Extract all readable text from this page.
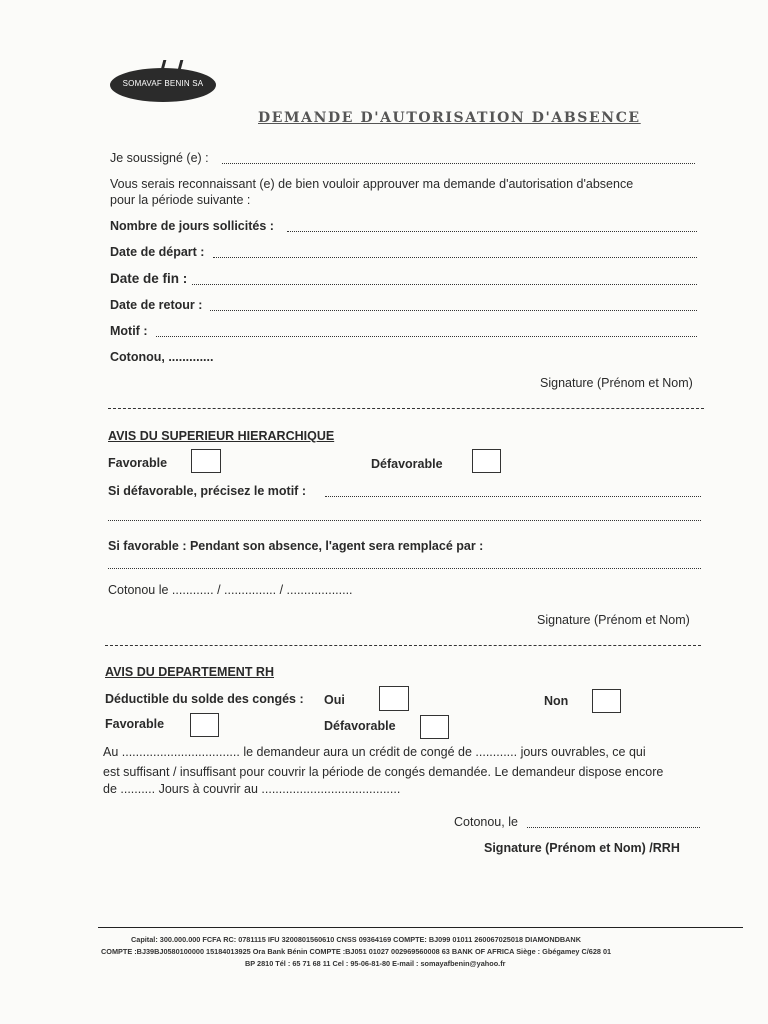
SOMAVAF BENIN SA
DEMANDE D'AUTORISATION D'ABSENCE
Je soussigné (e) :
Vous serais reconnaissant (e) de bien vouloir approuver ma demande d'autorisation d'absence
pour la période suivante :
Nombre de jours sollicités :
Date de départ :
Date de fin :
Date de retour :
Motif :
Cotonou, .............
Signature (Prénom et Nom)
AVIS DU SUPERIEUR HIERARCHIQUE
Favorable	Défavorable
Si défavorable, précisez le motif :
Si favorable : Pendant son absence, l'agent sera remplacé par :
Cotonou le ............ / ............... / ...................
Signature (Prénom et Nom)
AVIS DU DEPARTEMENT RH
Déductible du solde des congés : Oui	Non
Favorable	Défavorable
Au .................................. le demandeur aura un crédit de congé de ............ jours ouvrables, ce qui
est suffisant / insuffisant pour couvrir la période de congés demandée. Le demandeur dispose encore
de .......... Jours à couvrir au ........................................
Cotonou, le
Signature (Prénom et Nom) /RRH
Capital: 300.000.000 FCFA RC: 0781115 IFU 3200801560610 CNSS 09364169 COMPTE: BJ099 01011 260067025018 DIAMONDBANK
COMPTE :BJ39BJ0580100000 15184013925 Ora Bank Bénin COMPTE :BJ051 01027 002969560008 63 BANK OF AFRICA Siège : Gbégamey C/628 01
BP 2810 Tél : 65 71 68 11 Cel : 95-06-81-80 E-mail : somayafbenin@yahoo.fr
